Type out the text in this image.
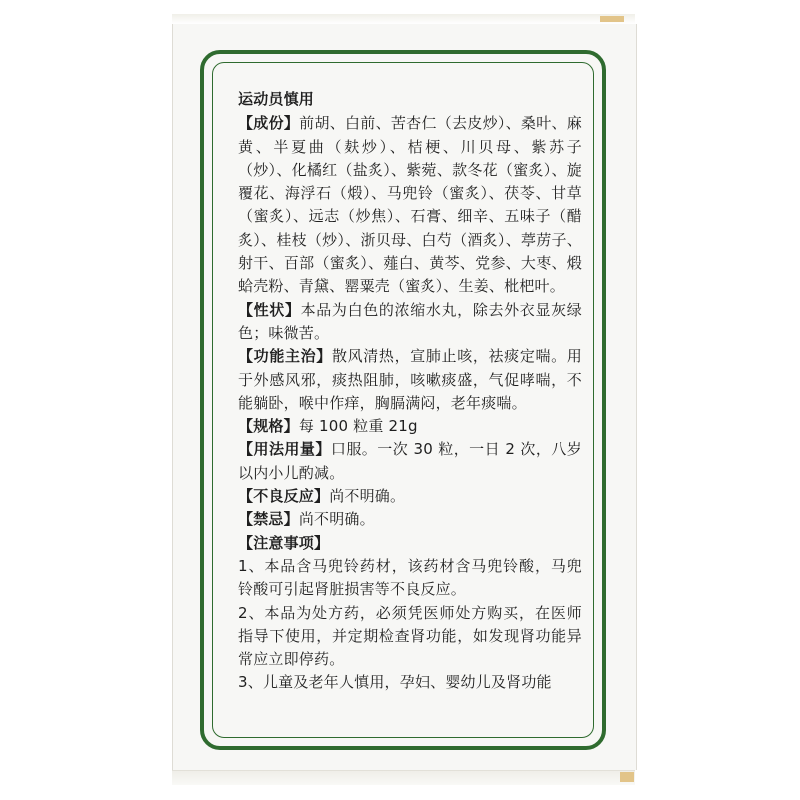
运动员慎用

【成份】前胡、白前、苦杏仁（去皮炒）、桑叶、麻黄、半夏曲（麸炒）、桔梗、川贝母、紫苏子（炒）、化橘红（盐炙）、紫菀、款冬花（蜜炙）、旋覆花、海浮石（煅）、马兜铃（蜜炙）、茯苓、甘草（蜜炙）、远志（炒焦）、石膏、细辛、五味子（醋炙）、桂枝（炒）、浙贝母、白芍（酒炙）、葶苈子、射干、百部（蜜炙）、薤白、黄芩、党参、大枣、煅蛤壳粉、青黛、罂粟壳（蜜炙）、生姜、枇杷叶。

【性状】本品为白色的浓缩水丸，除去外衣显灰绿色；味微苦。

【功能主治】散风清热，宣肺止咳，祛痰定喘。用于外感风邪，痰热阻肺，咳嗽痰盛，气促哮喘，不能躺卧，喉中作痒，胸膈满闷，老年痰喘。

【规格】每 100 粒重 21g

【用法用量】口服。一次 30 粒，一日 2 次，八岁以内小儿酌减。

【不良反应】尚不明确。

【禁忌】尚不明确。

【注意事项】

1、本品含马兜铃药材，该药材含马兜铃酸，马兜铃酸可引起肾脏损害等不良反应。

2、本品为处方药，必须凭医师处方购买，在医师指导下使用，并定期检查肾功能，如发现肾功能异常应立即停药。

3、儿童及老年人慎用，孕妇、婴幼儿及肾功能
